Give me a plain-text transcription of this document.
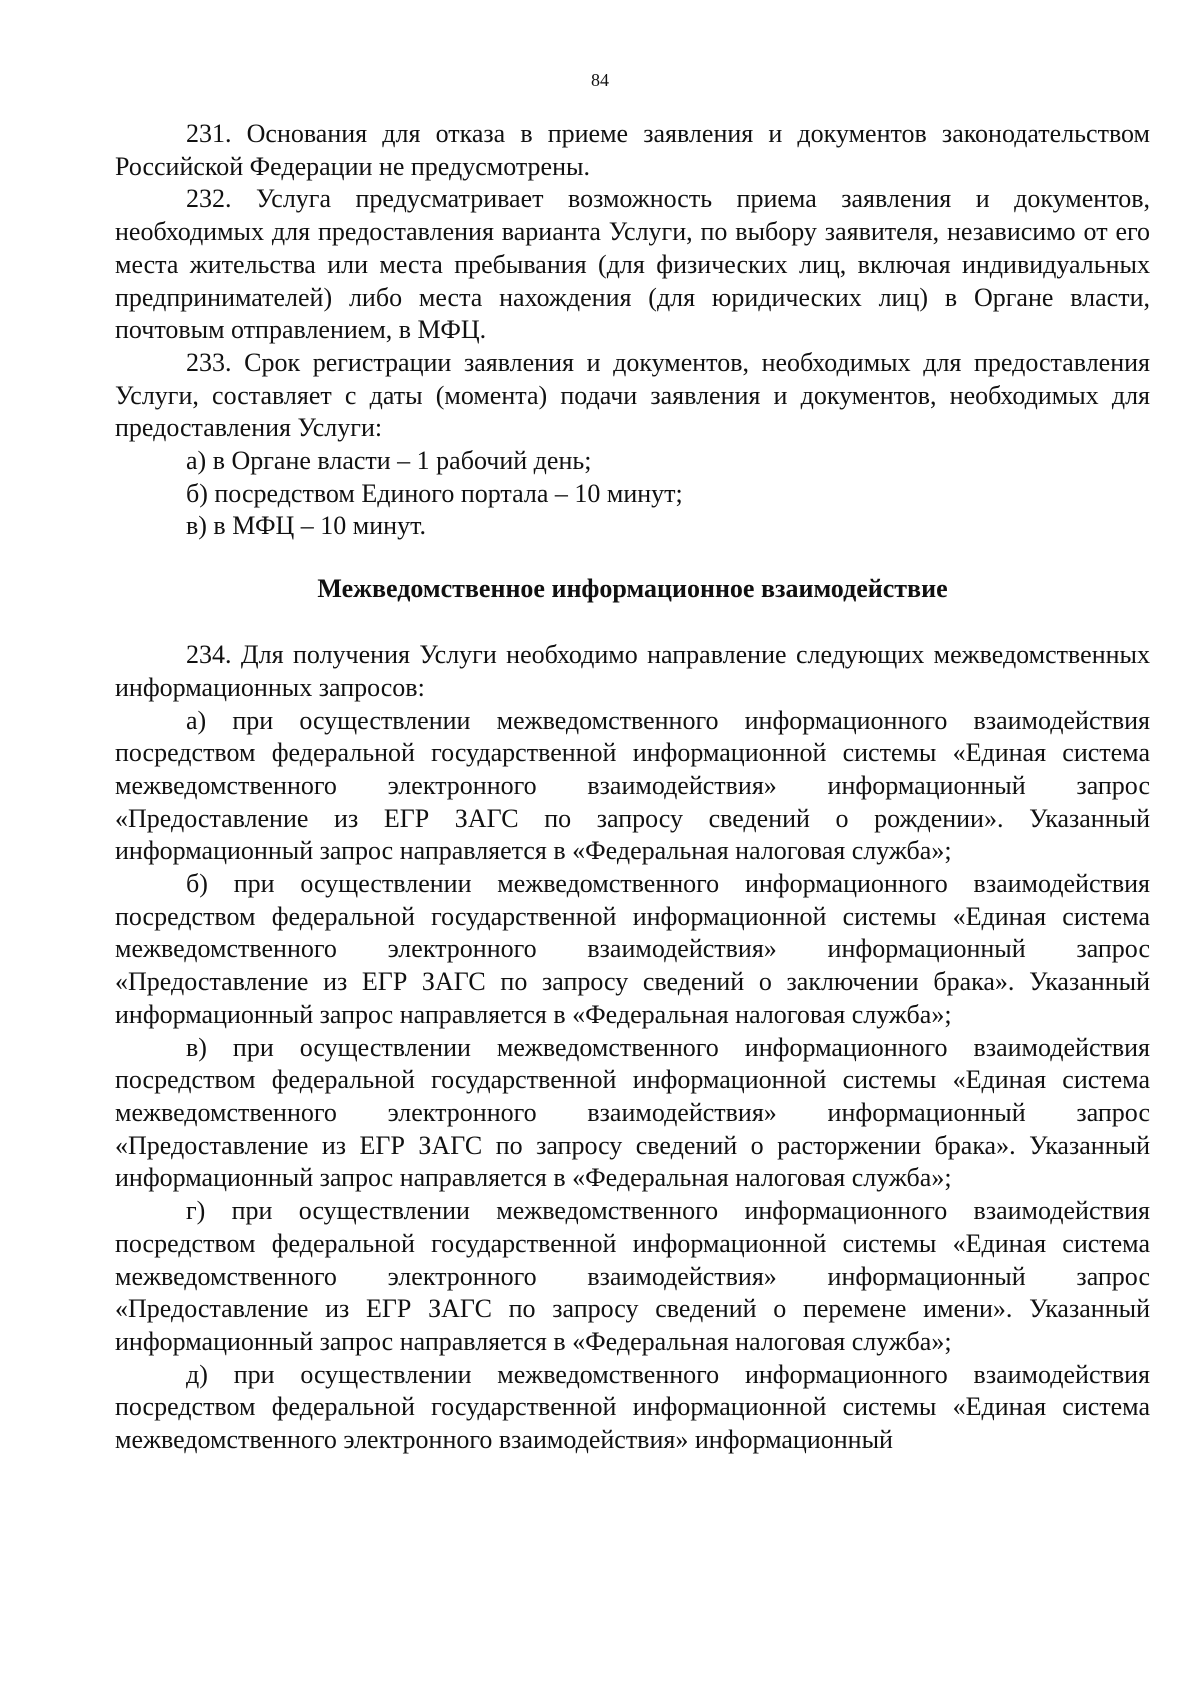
84

231. Основания для отказа в приеме заявления и документов законодательством Российской Федерации не предусмотрены.

232. Услуга предусматривает возможность приема заявления и документов, необходимых для предоставления варианта Услуги, по выбору заявителя, независимо от его места жительства или места пребывания (для физических лиц, включая индивидуальных предпринимателей) либо места нахождения (для юридических лиц) в Органе власти, почтовым отправлением, в МФЦ.

233. Срок регистрации заявления и документов, необходимых для предоставления Услуги, составляет с даты (момента) подачи заявления и документов, необходимых для предоставления Услуги:

а) в Органе власти – 1 рабочий день;

б) посредством Единого портала – 10 минут;

в) в МФЦ – 10 минут.

Межведомственное информационное взаимодействие

234. Для получения Услуги необходимо направление следующих межведомственных информационных запросов:

а) при осуществлении межведомственного информационного взаимодействия посредством федеральной государственной информационной системы «Единая система межведомственного электронного взаимодействия» информационный запрос «Предоставление из ЕГР ЗАГС по запросу сведений о рождении». Указанный информационный запрос направляется в «Федеральная налоговая служба»;

б) при осуществлении межведомственного информационного взаимодействия посредством федеральной государственной информационной системы «Единая система межведомственного электронного взаимодействия» информационный запрос «Предоставление из ЕГР ЗАГС по запросу сведений о заключении брака». Указанный информационный запрос направляется в «Федеральная налоговая служба»;

в) при осуществлении межведомственного информационного взаимодействия посредством федеральной государственной информационной системы «Единая система межведомственного электронного взаимодействия» информационный запрос «Предоставление из ЕГР ЗАГС по запросу сведений о расторжении брака». Указанный информационный запрос направляется в «Федеральная налоговая служба»;

г) при осуществлении межведомственного информационного взаимодействия посредством федеральной государственной информационной системы «Единая система межведомственного электронного взаимодействия» информационный запрос «Предоставление из ЕГР ЗАГС по запросу сведений о перемене имени». Указанный информационный запрос направляется в «Федеральная налоговая служба»;

д) при осуществлении межведомственного информационного взаимодействия посредством федеральной государственной информационной системы «Единая система межведомственного электронного взаимодействия» информационный
